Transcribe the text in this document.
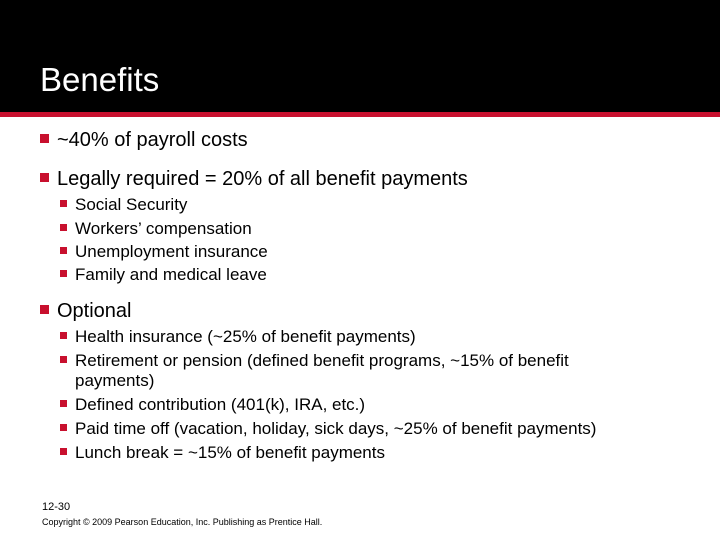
Benefits
~40% of payroll costs
Legally required = 20% of all benefit payments
Social Security
Workers’ compensation
Unemployment insurance
Family and medical leave
Optional
Health insurance (~25% of benefit payments)
Retirement or pension (defined benefit programs, ~15% of benefit payments)
Defined contribution (401(k), IRA, etc.)
Paid time off (vacation, holiday, sick days, ~25% of benefit payments)
Lunch break = ~15% of benefit payments
12-30
Copyright © 2009 Pearson Education, Inc. Publishing as Prentice Hall.
